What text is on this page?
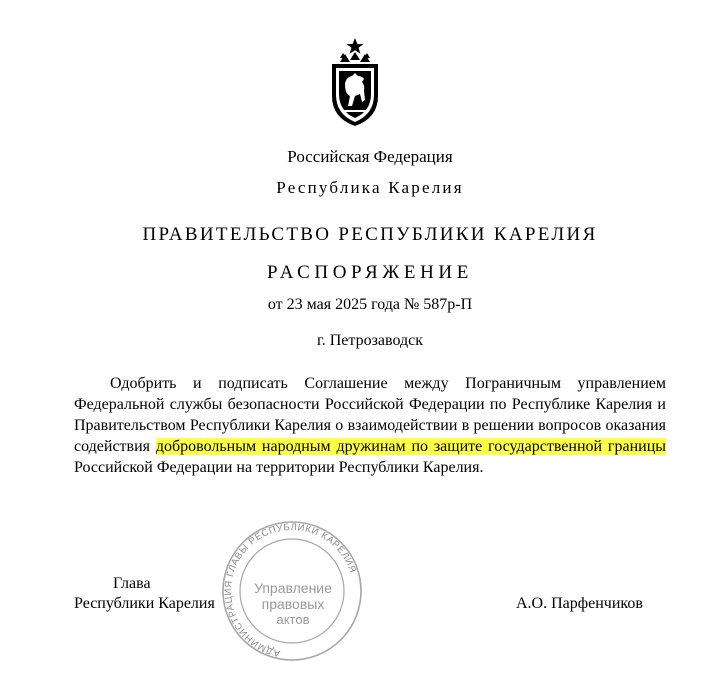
Российская Федерация
Республика Карелия
ПРАВИТЕЛЬСТВО РЕСПУБЛИКИ КАРЕЛИЯ
РАСПОРЯЖЕНИЕ
от 23 мая 2025 года № 587р-П
г. Петрозаводск
Одобрить и подписать Соглашение между Пограничным управлением Федеральной службы безопасности Российской Федерации по Республике Карелия и Правительством Республики Карелия о взаимодействии в решении вопросов оказания содействия добровольным народным дружинам по защите государственной границы Российской Федерации на территории Республики Карелия.
Глава
Республики Карелия	А.О. Парфенчиков
АДМИНИСТРАЦИЯ ГЛАВЫ РЕСПУБЛИКИ КАРЕЛИЯ
Управление
правовых
актов
